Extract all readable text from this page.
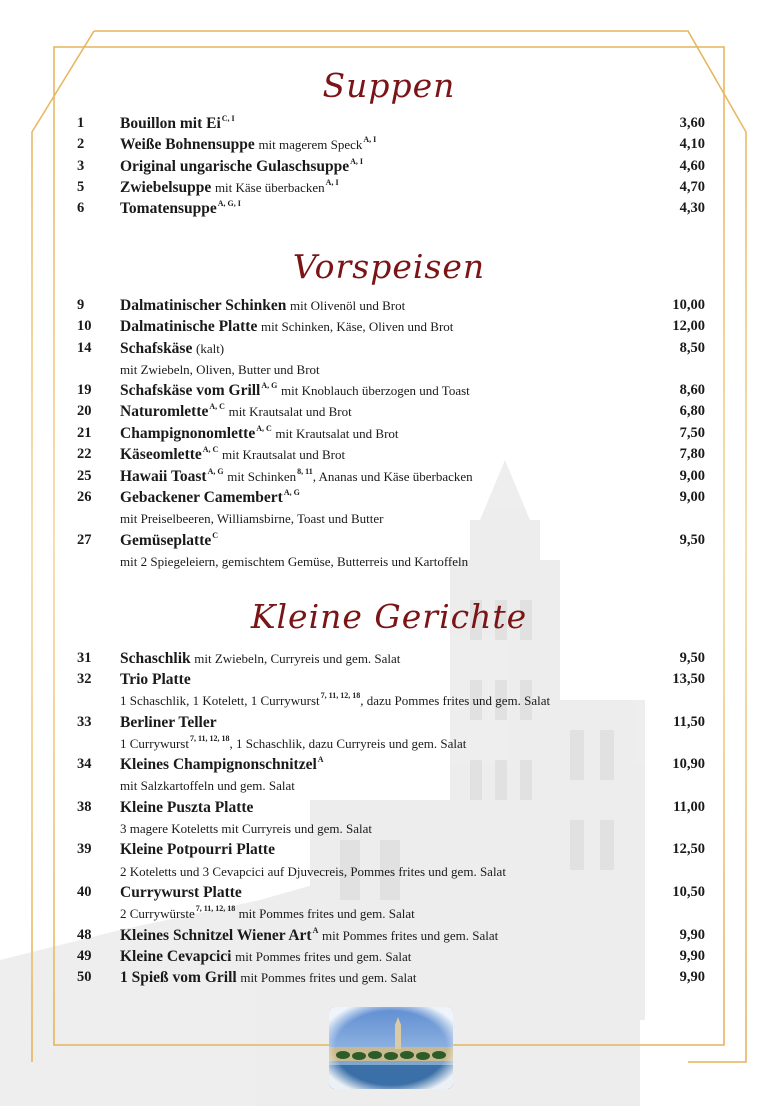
Suppen
1 Bouillon mit $Ei^{C, I}$	3,60
2 Weiße Bohnensuppe mit magerem Speck$^{A, I}$	4,10
3 Original ungarische Gulaschsuppe$^{A, I}$	4,60
5 Zwiebelsuppe mit Käse überbacken$^{A, I}$	4,70
6 Tomatensuppe$^{A, G, I}$	4,30
Vorspeisen
9 Dalmatinischer Schinken mit Olivenöl und Brot	10,00
10 Dalmatinische Platte mit Schinken, Käse, Oliven und Brot	12,00
14 Schafskäse (kalt)	8,50
mit Zwiebeln, Oliven, Butter und Brot
19 Schafskäse vom Grill$^{A, G}$ mit Knoblauch überzogen und Toast	8,60
20 Naturomlette$^{A, C}$ mit Krautsalat und Brot	6,80
21 Champignonomlette$^{A, C}$ mit Krautsalat und Brot	7,50
22 Käseomlette$^{A, C}$ mit Krautsalat und Brot	7,80
25 Hawaii Toast$^{A, G}$ mit Schinken$^{8, 11}$, Ananas und Käse überbacken	9,00
26 Gebackener Camembert$^{A, G}$	9,00
mit Preiselbeeren, Williamsbirne, Toast und Butter
27 Gemüseplatte$^C$	9,50
mit 2 Spiegeleiern, gemischtem Gemüse, Butterreis und Kartoffeln
Kleine Gerichte
31 Schaschlik mit Zwiebeln, Curryreis und gem. Salat	9,50
32 Trio Platte	13,50
1 Schaschlik, 1 Kotelett, 1 Currywurst$^{7, 11, 12, 18}$, dazu Pommes frites und gem. Salat
33 Berliner Teller	11,50
1 Currywurst$^{7, 11, 12, 18}$, 1 Schaschlik, dazu Curryreis und gem. Salat
34 Kleines Champignonschnitzel$^A$	10,90
mit Salzkartoffeln und gem. Salat
38 Kleine Puszta Platte	11,00
3 magere Koteletts mit Curryreis und gem. Salat
39 Kleine Potpourri Platte	12,50
2 Koteletts und 3 Cevapcici auf Djuvecreis, Pommes frites und gem. Salat
40 Currywurst Platte	10,50
2 Currywürste$^{7, 11, 12, 18}$ mit Pommes frites und gem. Salat
48 Kleines Schnitzel Wiener Art$^A$ mit Pommes frites und gem. Salat	9,90
49 Kleine Cevapcici mit Pommes frites und gem. Salat	9,90
50 1 Spieß vom Grill mit Pommes frites und gem. Salat	9,90
